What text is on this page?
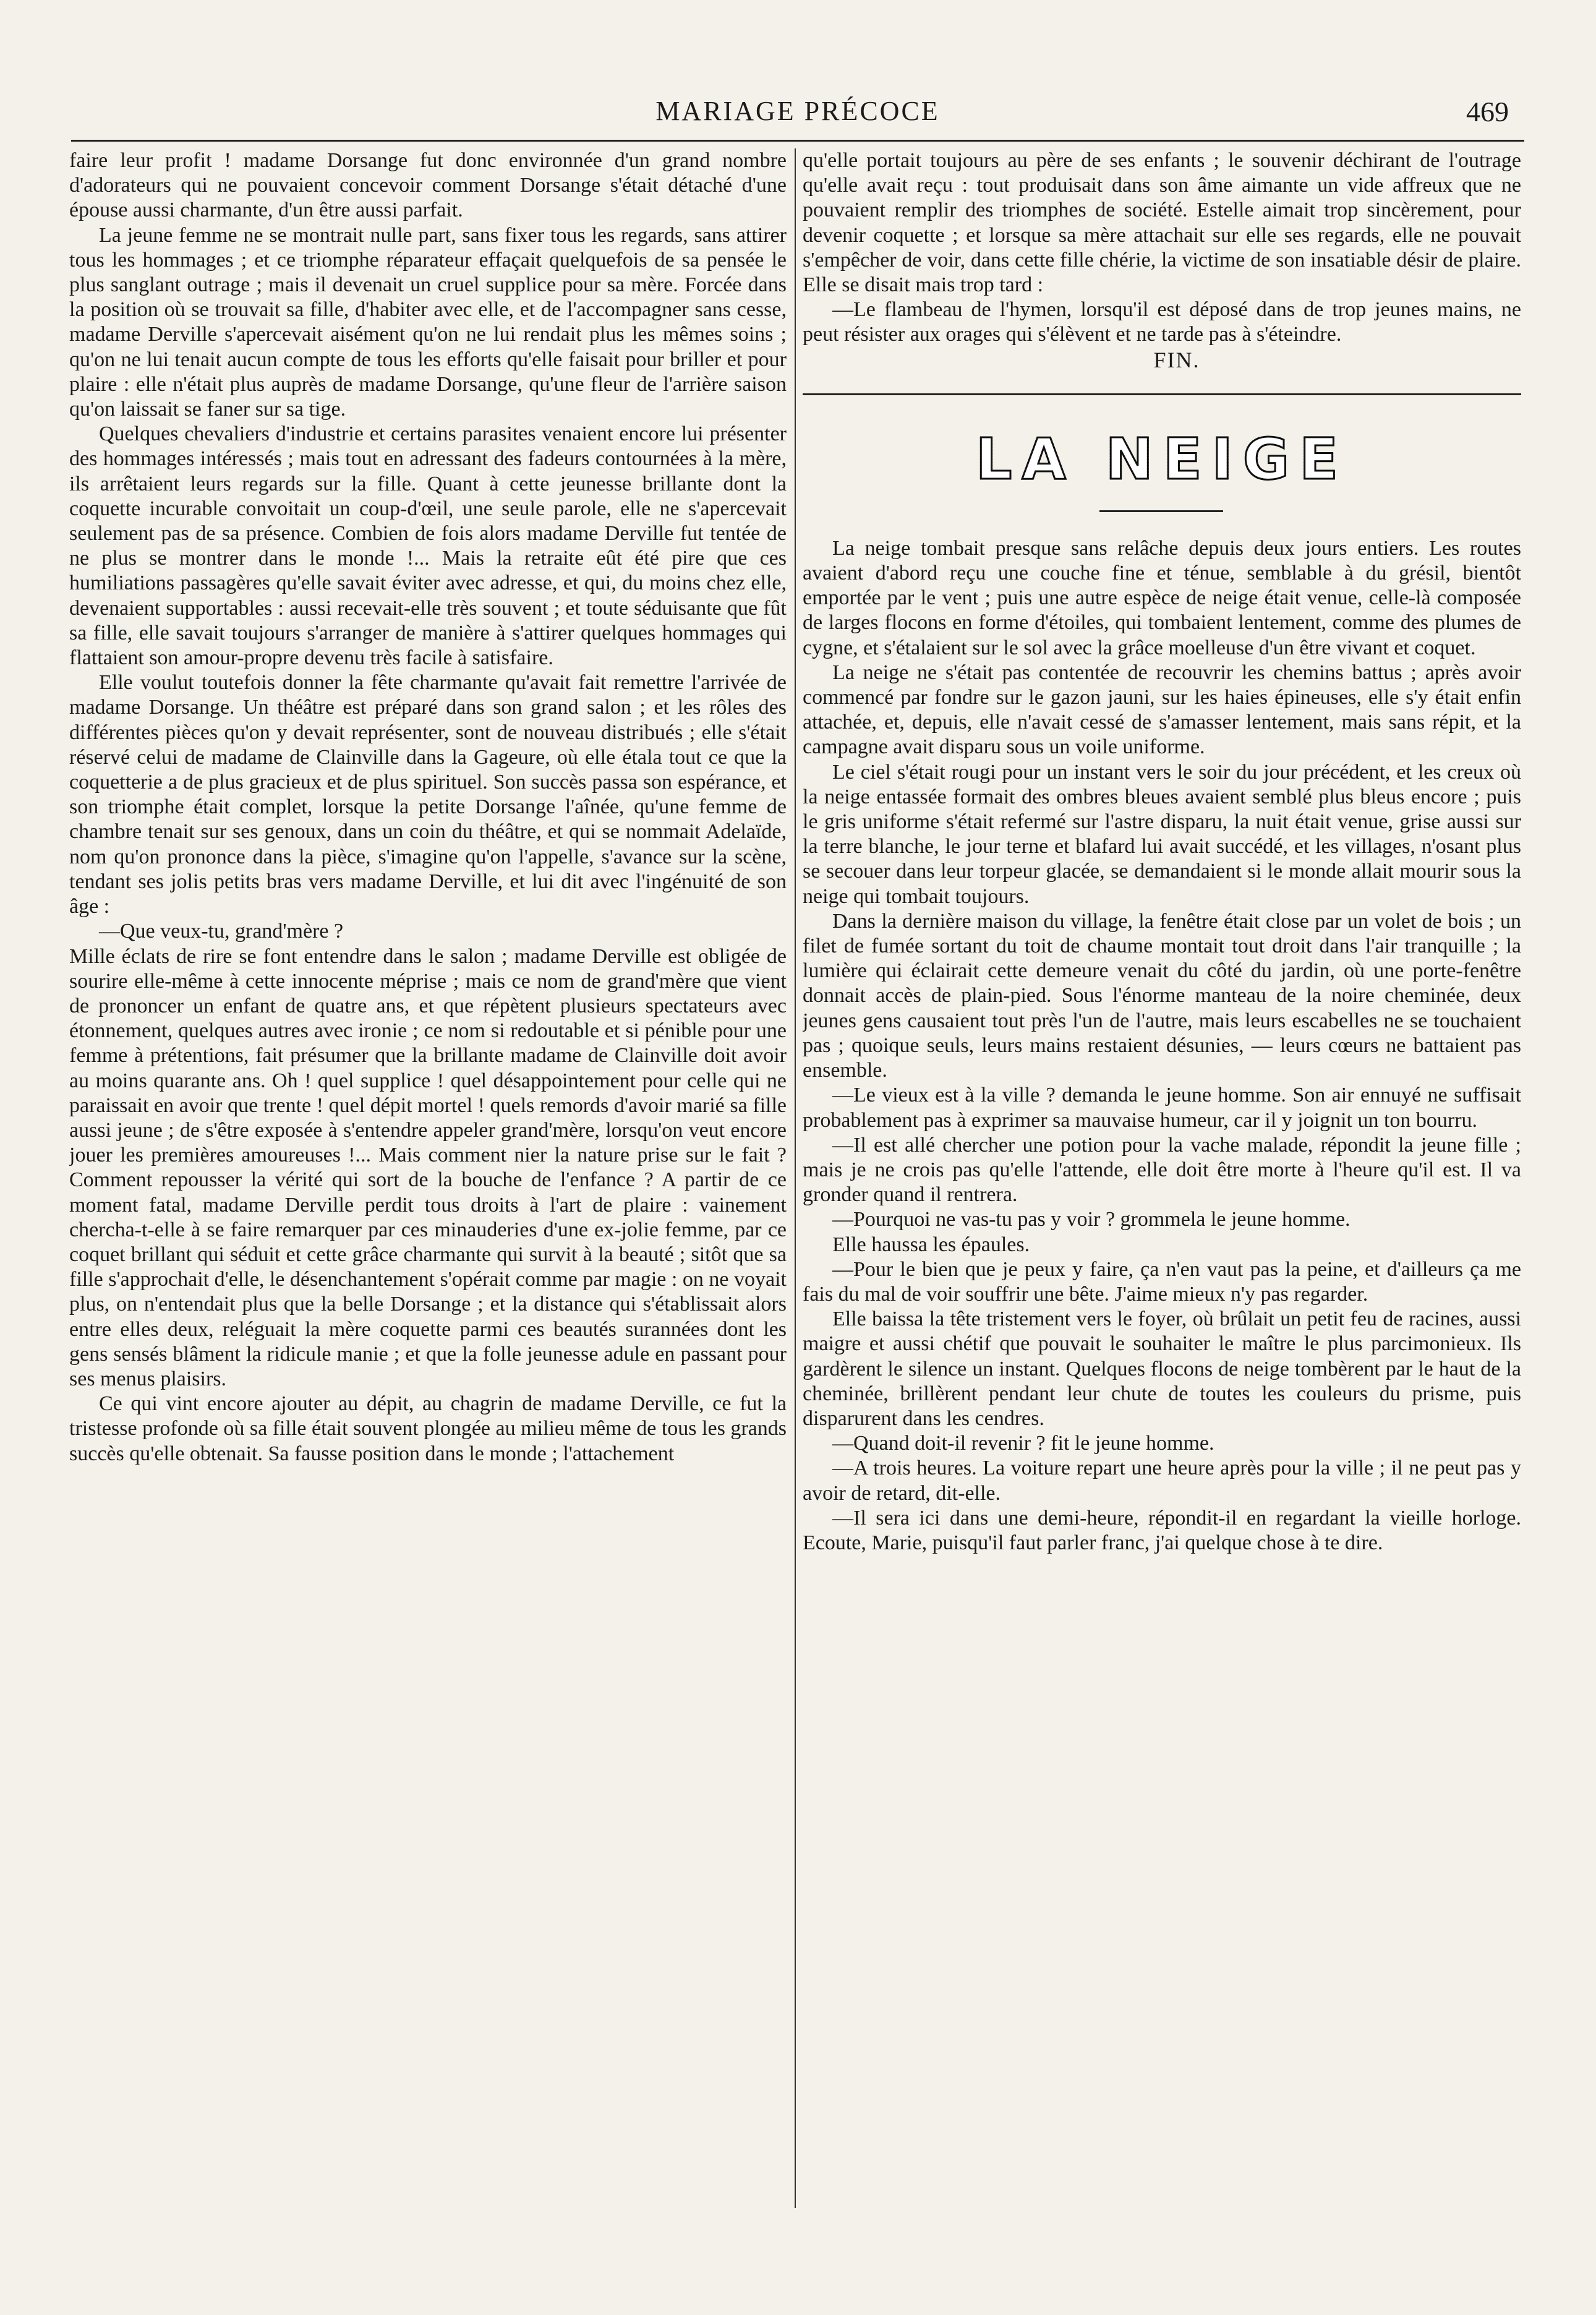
MARIAGE PRÉCOCE	469

faire leur profit ! madame Dorsange fut donc environnée d'un grand nombre d'adorateurs qui ne pouvaient concevoir comment Dorsange s'était détaché d'une épouse aussi charmante, d'un être aussi parfait.

La jeune femme ne se montrait nulle part, sans fixer tous les regards, sans attirer tous les hommages ; et ce triomphe réparateur effaçait quelquefois de sa pensée le plus sanglant outrage ; mais il devenait un cruel supplice pour sa mère. Forcée dans la position où se trouvait sa fille, d'habiter avec elle, et de l'accompagner sans cesse, madame Derville s'apercevait aisément qu'on ne lui rendait plus les mêmes soins ; qu'on ne lui tenait aucun compte de tous les efforts qu'elle faisait pour briller et pour plaire : elle n'était plus auprès de madame Dorsange, qu'une fleur de l'arrière saison qu'on laissait se faner sur sa tige.

Quelques chevaliers d'industrie et certains parasites venaient encore lui présenter des hommages intéressés ; mais tout en adressant des fadeurs contournées à la mère, ils arrêtaient leurs regards sur la fille. Quant à cette jeunesse brillante dont la coquette incurable convoitait un coup-d'œil, une seule parole, elle ne s'apercevait seulement pas de sa présence. Combien de fois alors madame Derville fut tentée de ne plus se montrer dans le monde !... Mais la retraite eût été pire que ces humiliations passagères qu'elle savait éviter avec adresse, et qui, du moins chez elle, devenaient supportables : aussi recevait-elle très souvent ; et toute séduisante que fût sa fille, elle savait toujours s'arranger de manière à s'attirer quelques hommages qui flattaient son amour-propre devenu très facile à satisfaire.

Elle voulut toutefois donner la fête charmante qu'avait fait remettre l'arrivée de madame Dorsange. Un théâtre est préparé dans son grand salon ; et les rôles des différentes pièces qu'on y devait représenter, sont de nouveau distribués ; elle s'était réservé celui de madame de Clainville dans la Gageure, où elle étala tout ce que la coquetterie a de plus gracieux et de plus spirituel. Son succès passa son espérance, et son triomphe était complet, lorsque la petite Dorsange l'aînée, qu'une femme de chambre tenait sur ses genoux, dans un coin du théâtre, et qui se nommait Adelaïde, nom qu'on prononce dans la pièce, s'imagine qu'on l'appelle, s'avance sur la scène, tendant ses jolis petits bras vers madame Derville, et lui dit avec l'ingénuité de son âge :

—Que veux-tu, grand'mère ?

Mille éclats de rire se font entendre dans le salon ; madame Derville est obligée de sourire elle-même à cette innocente méprise ; mais ce nom de grand'mère que vient de prononcer un enfant de quatre ans, et que répètent plusieurs spectateurs avec étonnement, quelques autres avec ironie ; ce nom si redoutable et si pénible pour une femme à prétentions, fait présumer que la brillante madame de Clainville doit avoir au moins quarante ans. Oh ! quel supplice ! quel désappointement pour celle qui ne paraissait en avoir que trente ! quel dépit mortel ! quels remords d'avoir marié sa fille aussi jeune ; de s'être exposée à s'entendre appeler grand'mère, lorsqu'on veut encore jouer les premières amoureuses !... Mais comment nier la nature prise sur le fait ? Comment repousser la vérité qui sort de la bouche de l'enfance ? A partir de ce moment fatal, madame Derville perdit tous droits à l'art de plaire : vainement chercha-t-elle à se faire remarquer par ces minauderies d'une ex-jolie femme, par ce coquet brillant qui séduit et cette grâce charmante qui survit à la beauté ; sitôt que sa fille s'approchait d'elle, le désenchantement s'opérait comme par magie : on ne voyait plus, on n'entendait plus que la belle Dorsange ; et la distance qui s'établissait alors entre elles deux, reléguait la mère coquette parmi ces beautés surannées dont les gens sensés blâment la ridicule manie ; et que la folle jeunesse adule en passant pour ses menus plaisirs.

Ce qui vint encore ajouter au dépit, au chagrin de madame Derville, ce fut la tristesse profonde où sa fille était souvent plongée au milieu même de tous les grands succès qu'elle obtenait. Sa fausse position dans le monde ; l'attachement

qu'elle portait toujours au père de ses enfants ; le souvenir déchirant de l'outrage qu'elle avait reçu : tout produisait dans son âme aimante un vide affreux que ne pouvaient remplir des triomphes de société. Estelle aimait trop sincèrement, pour devenir coquette ; et lorsque sa mère attachait sur elle ses regards, elle ne pouvait s'empêcher de voir, dans cette fille chérie, la victime de son insatiable désir de plaire. Elle se disait mais trop tard :

—Le flambeau de l'hymen, lorsqu'il est déposé dans de trop jeunes mains, ne peut résister aux orages qui s'élèvent et ne tarde pas à s'éteindre.

FIN.

LA NEIGE

La neige tombait presque sans relâche depuis deux jours entiers. Les routes avaient d'abord reçu une couche fine et ténue, semblable à du grésil, bientôt emportée par le vent ; puis une autre espèce de neige était venue, celle-là composée de larges flocons en forme d'étoiles, qui tombaient lentement, comme des plumes de cygne, et s'étalaient sur le sol avec la grâce moelleuse d'un être vivant et coquet.

La neige ne s'était pas contentée de recouvrir les chemins battus ; après avoir commencé par fondre sur le gazon jauni, sur les haies épineuses, elle s'y était enfin attachée, et, depuis, elle n'avait cessé de s'amasser lentement, mais sans répit, et la campagne avait disparu sous un voile uniforme.

Le ciel s'était rougi pour un instant vers le soir du jour précédent, et les creux où la neige entassée formait des ombres bleues avaient semblé plus bleus encore ; puis le gris uniforme s'était refermé sur l'astre disparu, la nuit était venue, grise aussi sur la terre blanche, le jour terne et blafard lui avait succédé, et les villages, n'osant plus se secouer dans leur torpeur glacée, se demandaient si le monde allait mourir sous la neige qui tombait toujours.

Dans la dernière maison du village, la fenêtre était close par un volet de bois ; un filet de fumée sortant du toit de chaume montait tout droit dans l'air tranquille ; la lumière qui éclairait cette demeure venait du côté du jardin, où une porte-fenêtre donnait accès de plain-pied. Sous l'énorme manteau de la noire cheminée, deux jeunes gens causaient tout près l'un de l'autre, mais leurs escabelles ne se touchaient pas ; quoique seuls, leurs mains restaient désunies, — leurs cœurs ne battaient pas ensemble.

—Le vieux est à la ville ? demanda le jeune homme. Son air ennuyé ne suffisait probablement pas à exprimer sa mauvaise humeur, car il y joignit un ton bourru.

—Il est allé chercher une potion pour la vache malade, répondit la jeune fille ; mais je ne crois pas qu'elle l'attende, elle doit être morte à l'heure qu'il est. Il va gronder quand il rentrera.

—Pourquoi ne vas-tu pas y voir ? grommela le jeune homme.

Elle haussa les épaules.

—Pour le bien que je peux y faire, ça n'en vaut pas la peine, et d'ailleurs ça me fais du mal de voir souffrir une bête. J'aime mieux n'y pas regarder.

Elle baissa la tête tristement vers le foyer, où brûlait un petit feu de racines, aussi maigre et aussi chétif que pouvait le souhaiter le maître le plus parcimonieux. Ils gardèrent le silence un instant. Quelques flocons de neige tombèrent par le haut de la cheminée, brillèrent pendant leur chute de toutes les couleurs du prisme, puis disparurent dans les cendres.

—Quand doit-il revenir ? fit le jeune homme.

—A trois heures. La voiture repart une heure après pour la ville ; il ne peut pas y avoir de retard, dit-elle.

—Il sera ici dans une demi-heure, répondit-il en regardant la vieille horloge. Ecoute, Marie, puisqu'il faut parler franc, j'ai quelque chose à te dire.
